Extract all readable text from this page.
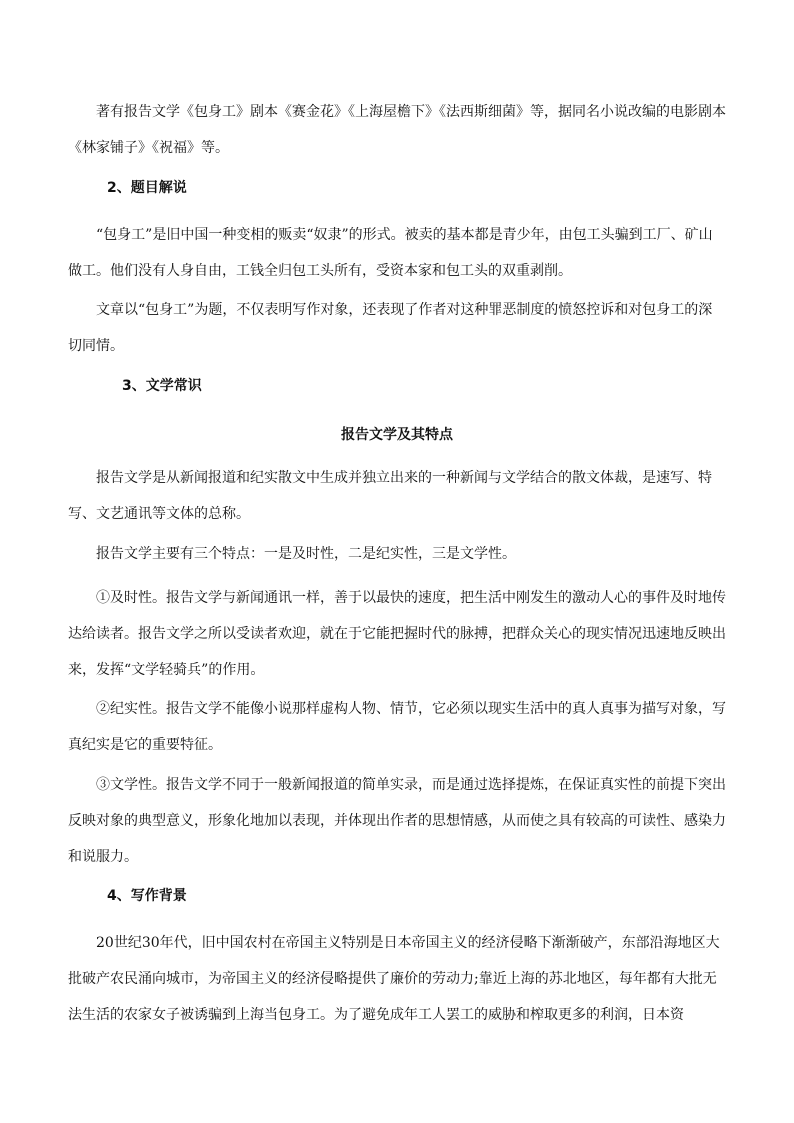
　　著有报告文学《包身工》剧本《赛金花》《上海屋檐下》《法西斯细菌》等，据同名小说改编的电影剧本《林家铺子》《祝福》等。

2、题目解说

　　“包身工”是旧中国一种变相的贩卖“奴隶”的形式。被卖的基本都是青少年，由包工头骗到工厂、矿山做工。他们没有人身自由，工钱全归包工头所有，受资本家和包工头的双重剥削。

　　文章以“包身工”为题，不仅表明写作对象，还表现了作者对这种罪恶制度的愤怒控诉和对包身工的深切同情。

3、文学常识
报告文学及其特点

　　报告文学是从新闻报道和纪实散文中生成并独立出来的一种新闻与文学结合的散文体裁，是速写、特写、文艺通讯等文体的总称。

　　报告文学主要有三个特点：一是及时性，二是纪实性，三是文学性。

　　①及时性。报告文学与新闻通讯一样，善于以最快的速度，把生活中刚发生的激动人心的事件及时地传达给读者。报告文学之所以受读者欢迎，就在于它能把握时代的脉搏，把群众关心的现实情况迅速地反映出来，发挥“文学轻骑兵”的作用。

　　②纪实性。报告文学不能像小说那样虚构人物、情节，它必须以现实生活中的真人真事为描写对象，写真纪实是它的重要特征。

　　③文学性。报告文学不同于一般新闻报道的简单实录，而是通过选择提炼，在保证真实性的前提下突出反映对象的典型意义，形象化地加以表现，并体现出作者的思想情感，从而使之具有较高的可读性、感染力和说服力。

4、写作背景

　　20世纪30年代，旧中国农村在帝国主义特别是日本帝国主义的经济侵略下渐渐破产，东部沿海地区大批破产农民涌向城市，为帝国主义的经济侵略提供了廉价的劳动力;靠近上海的苏北地区，每年都有大批无法生活的农家女子被诱骗到上海当包身工。为了避免成年工人罢工的威胁和榨取更多的利润，日本资
